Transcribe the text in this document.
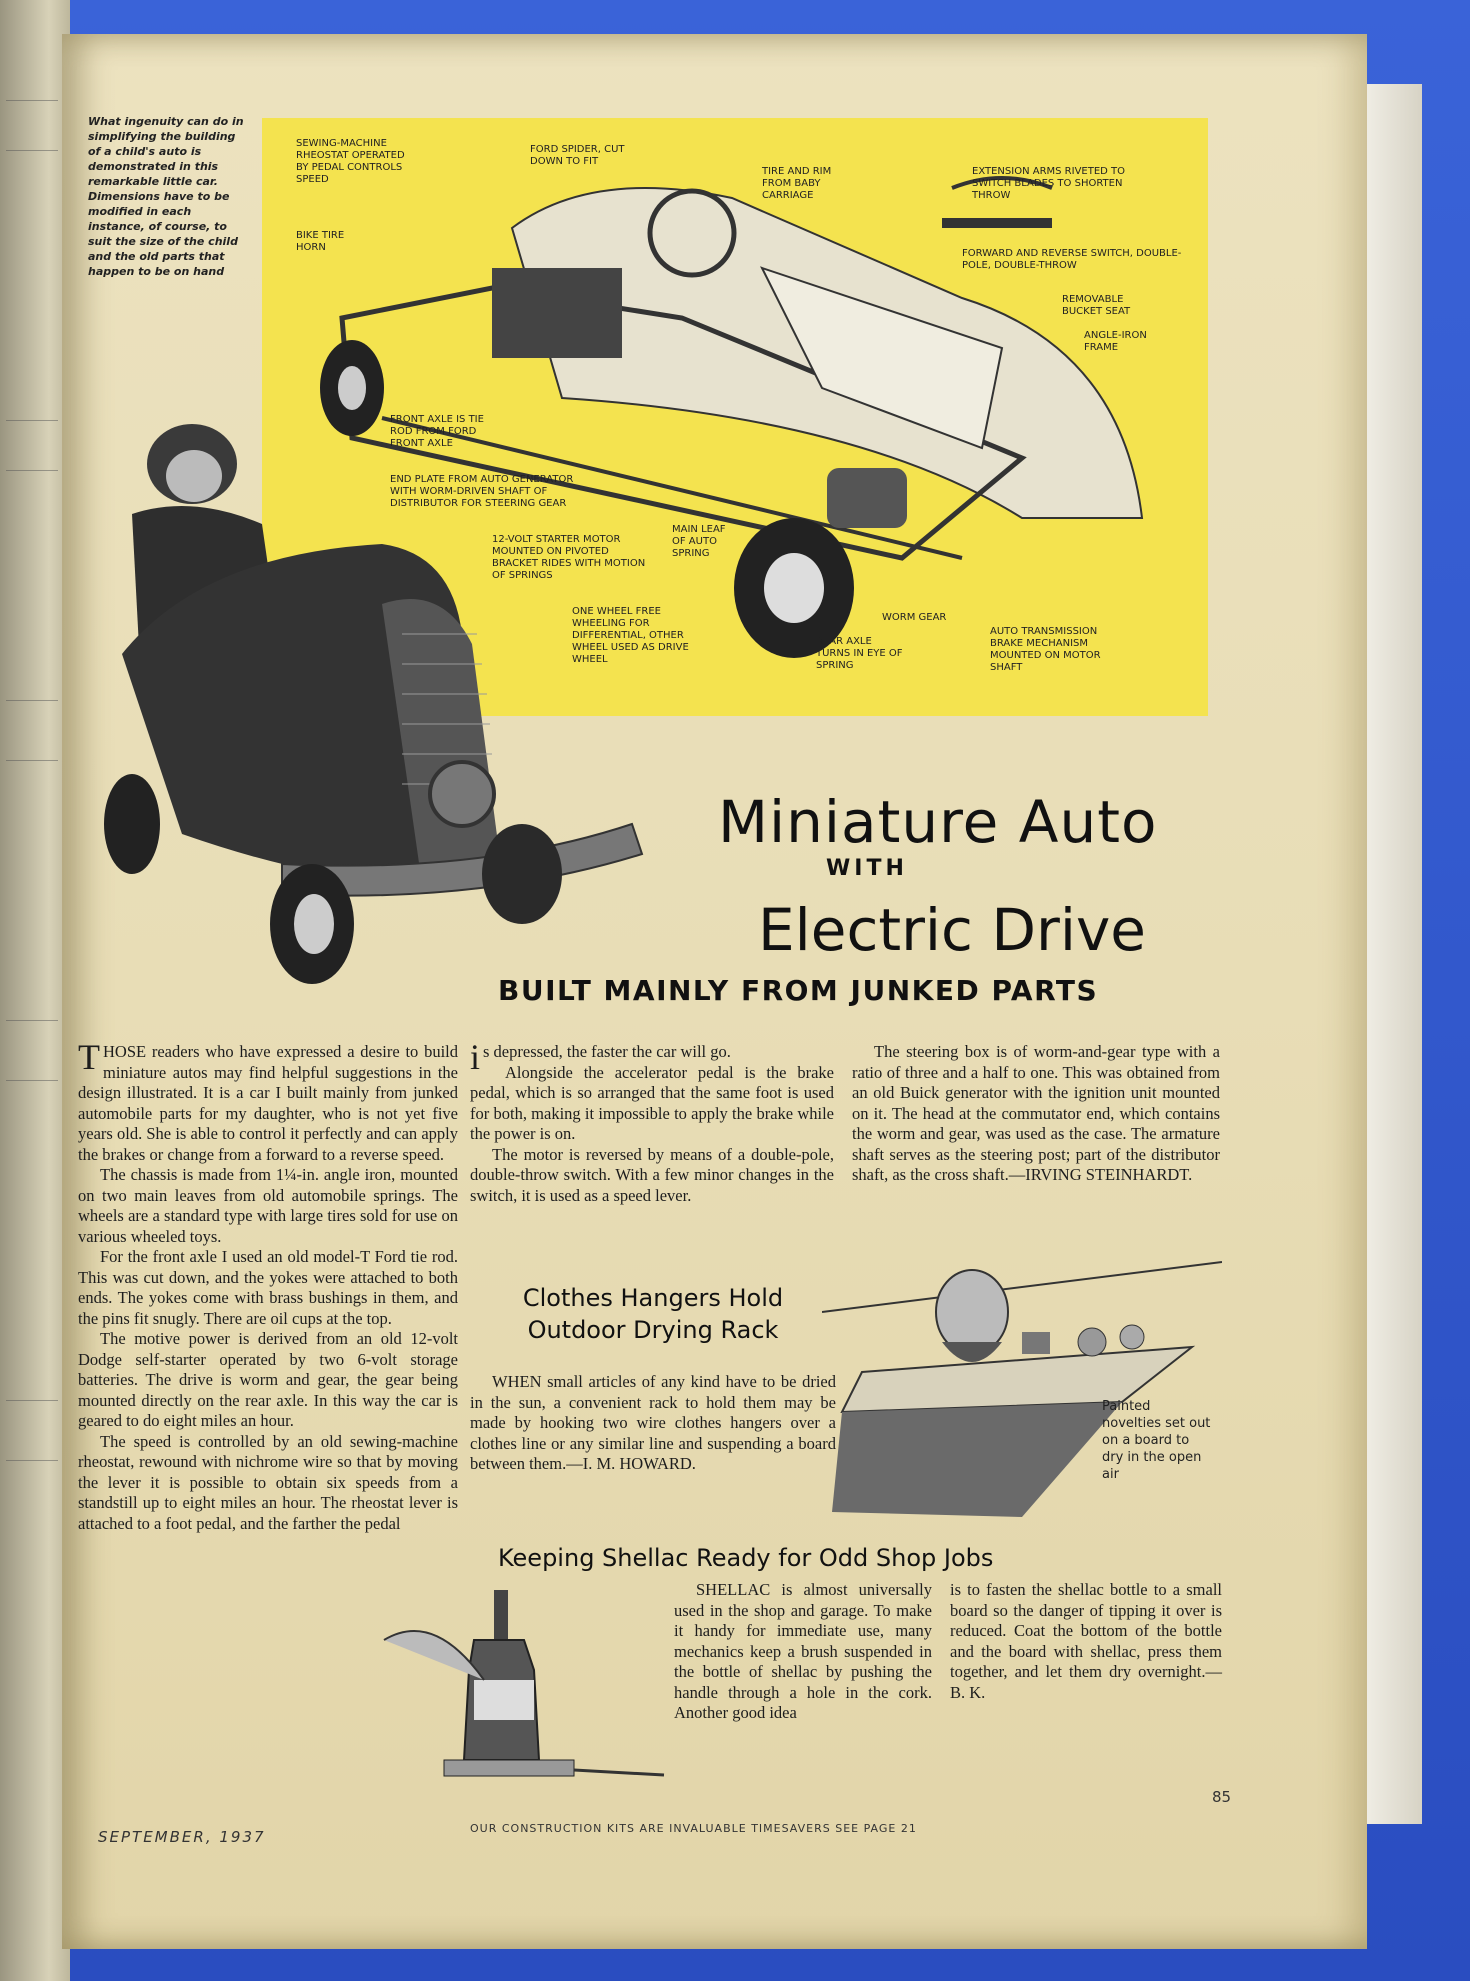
What ingenuity can do in simplifying the building of a child's auto is demonstrated in this remarkable little car. Dimensions have to be modified in each instance, of course, to suit the size of the child and the old parts that happen to be on hand
SEWING-MACHINE RHEOSTAT OPERATED BY PEDAL CONTROLS SPEED
FORD SPIDER, CUT DOWN TO FIT
TIRE AND RIM FROM BABY CARRIAGE
EXTENSION ARMS RIVETED TO SWITCH BLADES TO SHORTEN THROW
BIKE TIRE HORN
FORWARD AND REVERSE SWITCH, DOUBLE-POLE, DOUBLE-THROW
REMOVABLE BUCKET SEAT
ANGLE-IRON FRAME
FRONT AXLE IS TIE ROD FROM FORD FRONT AXLE
END PLATE FROM AUTO GENERATOR WITH WORM-DRIVEN SHAFT OF DISTRIBUTOR FOR STEERING GEAR
12-VOLT STARTER MOTOR MOUNTED ON PIVOTED BRACKET RIDES WITH MOTION OF SPRINGS
MAIN LEAF OF AUTO SPRING
ONE WHEEL FREE WHEELING FOR DIFFERENTIAL, OTHER WHEEL USED AS DRIVE WHEEL
WORM GEAR
REAR AXLE TURNS IN EYE OF SPRING
AUTO TRANSMISSION BRAKE MECHANISM MOUNTED ON MOTOR SHAFT
Miniature Auto
WITH
Electric Drive
BUILT MAINLY FROM JUNKED PARTS

THOSE readers who have expressed a desire to build miniature autos may find helpful suggestions in the design illustrated. It is a car I built mainly from junked automobile parts for my daughter, who is not yet five years old. She is able to control it perfectly and can apply the brakes or change from a forward to a reverse speed.

The chassis is made from 1¼-in. angle iron, mounted on two main leaves from old automobile springs. The wheels are a standard type with large tires sold for use on various wheeled toys.

For the front axle I used an old model-T Ford tie rod. This was cut down, and the yokes were attached to both ends. The yokes come with brass bushings in them, and the pins fit snugly. There are oil cups at the top.

The motive power is derived from an old 12-volt Dodge self-starter operated by two 6-volt storage batteries. The drive is worm and gear, the gear being mounted directly on the rear axle. In this way the car is geared to do eight miles an hour.

The speed is controlled by an old sewing-machine rheostat, rewound with nichrome wire so that by moving the lever it is possible to obtain six speeds from a standstill up to eight miles an hour. The rheostat lever is attached to a foot pedal, and the farther the pedal

is depressed, the faster the car will go.

Alongside the accelerator pedal is the brake pedal, which is so arranged that the same foot is used for both, making it impossible to apply the brake while the power is on.

The motor is reversed by means of a double-pole, double-throw switch. With a few minor changes in the switch, it is used as a speed lever.

The steering box is of worm-and-gear type with a ratio of three and a half to one. This was obtained from an old Buick generator with the ignition unit mounted on it. The head at the commutator end, which contains the worm and gear, was used as the case. The armature shaft serves as the steering post; part of the distributor shaft, as the cross shaft.—IRVING STEINHARDT.

Clothes Hangers Hold
Outdoor Drying Rack

WHEN small articles of any kind have to be dried in the sun, a convenient rack to hold them may be made by hooking two wire clothes hangers over a clothes line or any similar line and suspending a board between them.—I. M. HOWARD.

Painted novelties set out on a board to dry in the open air
Keeping Shellac Ready for Odd Shop Jobs

SHELLAC is almost universally used in the shop and garage. To make it handy for immediate use, many mechanics keep a brush suspended in the bottle of shellac by pushing the handle through a hole in the cork. Another good idea

is to fasten the shellac bottle to a small board so the danger of tipping it over is reduced. Coat the bottom of the bottle and the board with shellac, press them together, and let them dry overnight.—B. K.

SEPTEMBER, 1937	OUR CONSTRUCTION KITS ARE INVALUABLE TIMESAVERS SEE PAGE 21
85
